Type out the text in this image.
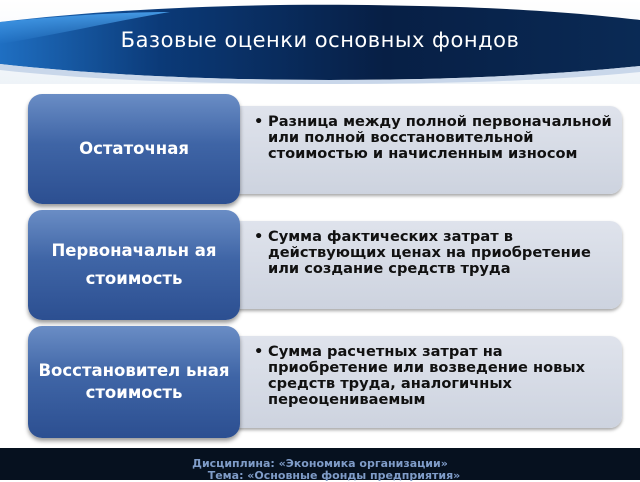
Базовые оценки основных фондов
• Разница между полной первоначальной или полной восстановительной стоимостью и начисленным износом
Остаточная
• Сумма фактических затрат в действующих ценах на приобретение или создание средств труда
Первоначальн ая
стоимость
• Сумма расчетных затрат на приобретение или возведение новых средств труда, аналогичных переоцениваемым
Восстановител ьная стоимость
Дисциплина: «Экономика организации»
Тема: «Основные фонды предприятия»
